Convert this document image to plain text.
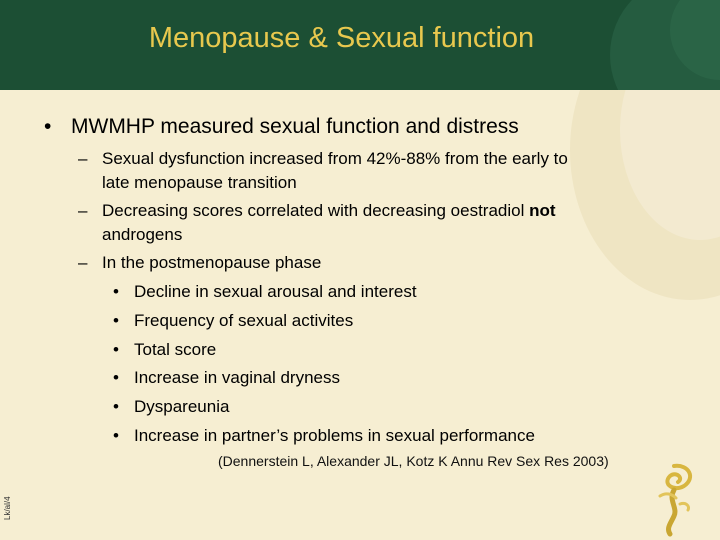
Menopause & Sexual function
• MWMHP measured sexual function and distress
– Sexual dysfunction increased from 42%-88% from the early to
late menopause transition
– Decreasing scores correlated with decreasing oestradiol not
androgens
– In the postmenopause phase
• Decline in sexual arousal and interest
• Frequency of sexual activites
• Total score
• Increase in vaginal dryness
• Dyspareunia
• Increase in partner’s problems in sexual performance
(Dennerstein L, Alexander JL, Kotz K Annu Rev Sex Res 2003)
Lk/al/4
